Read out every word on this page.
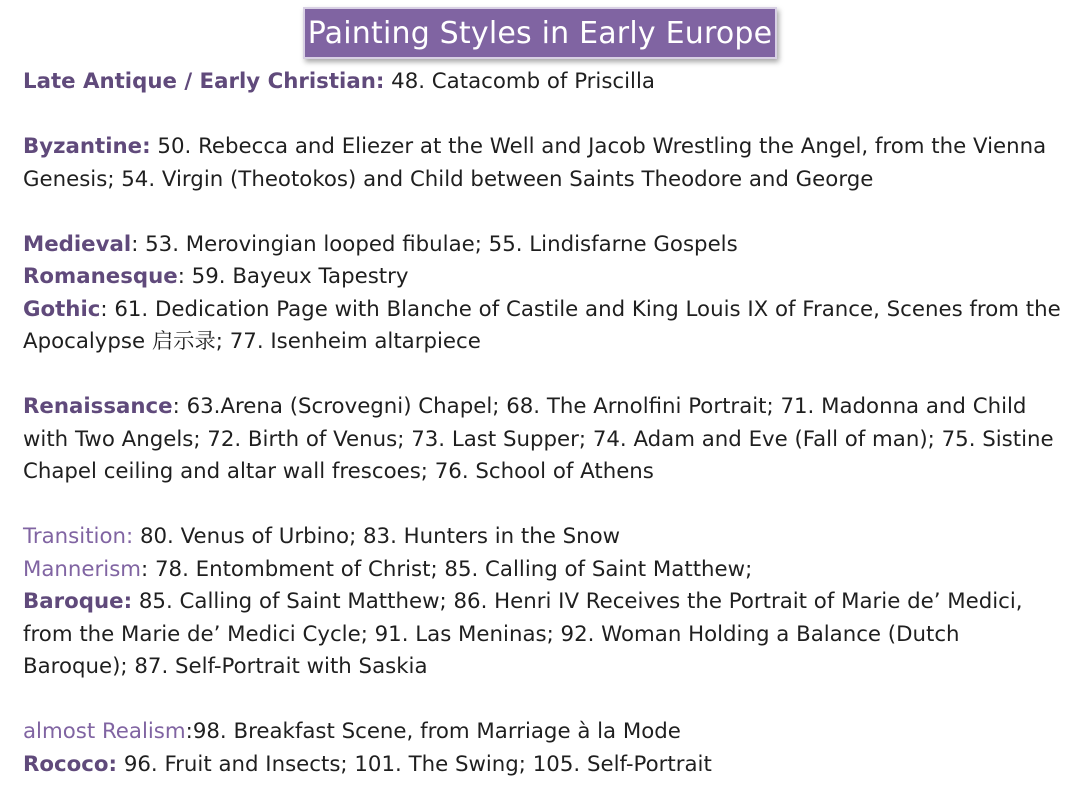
Painting Styles in Early Europe

Late Antique / Early Christian: 48. Catacomb of Priscilla

Byzantine: 50. Rebecca and Eliezer at the Well and Jacob Wrestling the Angel, from the Vienna Genesis; 54. Virgin (Theotokos) and Child between Saints Theodore and George

Medieval: 53. Merovingian looped fibulae; 55. Lindisfarne Gospels

Romanesque: 59. Bayeux Tapestry

Gothic: 61. Dedication Page with Blanche of Castile and King Louis IX of France, Scenes from the Apocalypse 启示录; 77. Isenheim altarpiece

Renaissance: 63.Arena (Scrovegni) Chapel; 68. The Arnolfini Portrait; 71. Madonna and Child with Two Angels; 72. Birth of Venus; 73. Last Supper; 74. Adam and Eve (Fall of man); 75. Sistine Chapel ceiling and altar wall frescoes; 76. School of Athens

Transition: 80. Venus of Urbino; 83. Hunters in the Snow

Mannerism: 78. Entombment of Christ; 85. Calling of Saint Matthew;

Baroque: 85. Calling of Saint Matthew; 86. Henri IV Receives the Portrait of Marie de’ Medici, from the Marie de’ Medici Cycle; 91. Las Meninas; 92. Woman Holding a Balance (Dutch Baroque); 87. Self-Portrait with Saskia

almost Realism:98. Breakfast Scene, from Marriage à la Mode

Rococo: 96. Fruit and Insects; 101. The Swing; 105. Self-Portrait
